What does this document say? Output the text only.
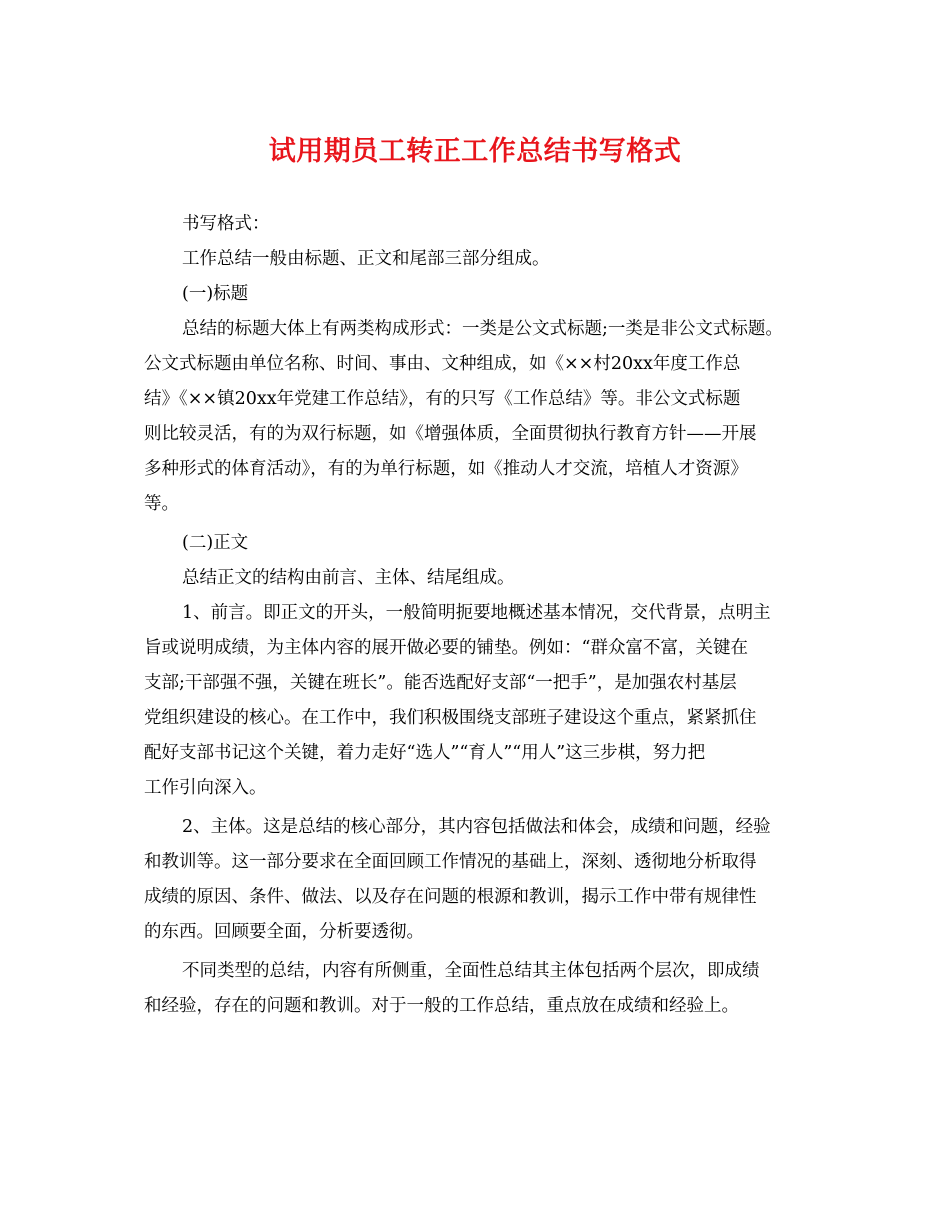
试用期员工转正工作总结书写格式
书写格式：
工作总结一般由标题、正文和尾部三部分组成。
(一)标题
总结的标题大体上有两类构成形式：一类是公文式标题;一类是非公文式标题。
公文式标题由单位名称、时间、事由、文种组成，如《××村20xx年度工作总
结》《××镇20xx年党建工作总结》，有的只写《工作总结》等。非公文式标题
则比较灵活，有的为双行标题，如《增强体质，全面贯彻执行教育方针——开展
多种形式的体育活动》，有的为单行标题，如《推动人才交流，培植人才资源》
等。
(二)正文
总结正文的结构由前言、主体、结尾组成。
1、前言。即正文的开头，一般简明扼要地概述基本情况，交代背景，点明主
旨或说明成绩，为主体内容的展开做必要的铺垫。例如：“群众富不富，关键在
支部;干部强不强，关键在班长”。能否选配好支部“一把手”，是加强农村基层
党组织建设的核心。在工作中，我们积极围绕支部班子建设这个重点，紧紧抓住
配好支部书记这个关键，着力走好“选人”“育人”“用人”这三步棋，努力把
工作引向深入。
2、主体。这是总结的核心部分，其内容包括做法和体会，成绩和问题，经验
和教训等。这一部分要求在全面回顾工作情况的基础上，深刻、透彻地分析取得
成绩的原因、条件、做法、以及存在问题的根源和教训，揭示工作中带有规律性
的东西。回顾要全面，分析要透彻。
不同类型的总结，内容有所侧重，全面性总结其主体包括两个层次，即成绩
和经验，存在的问题和教训。对于一般的工作总结，重点放在成绩和经验上。
